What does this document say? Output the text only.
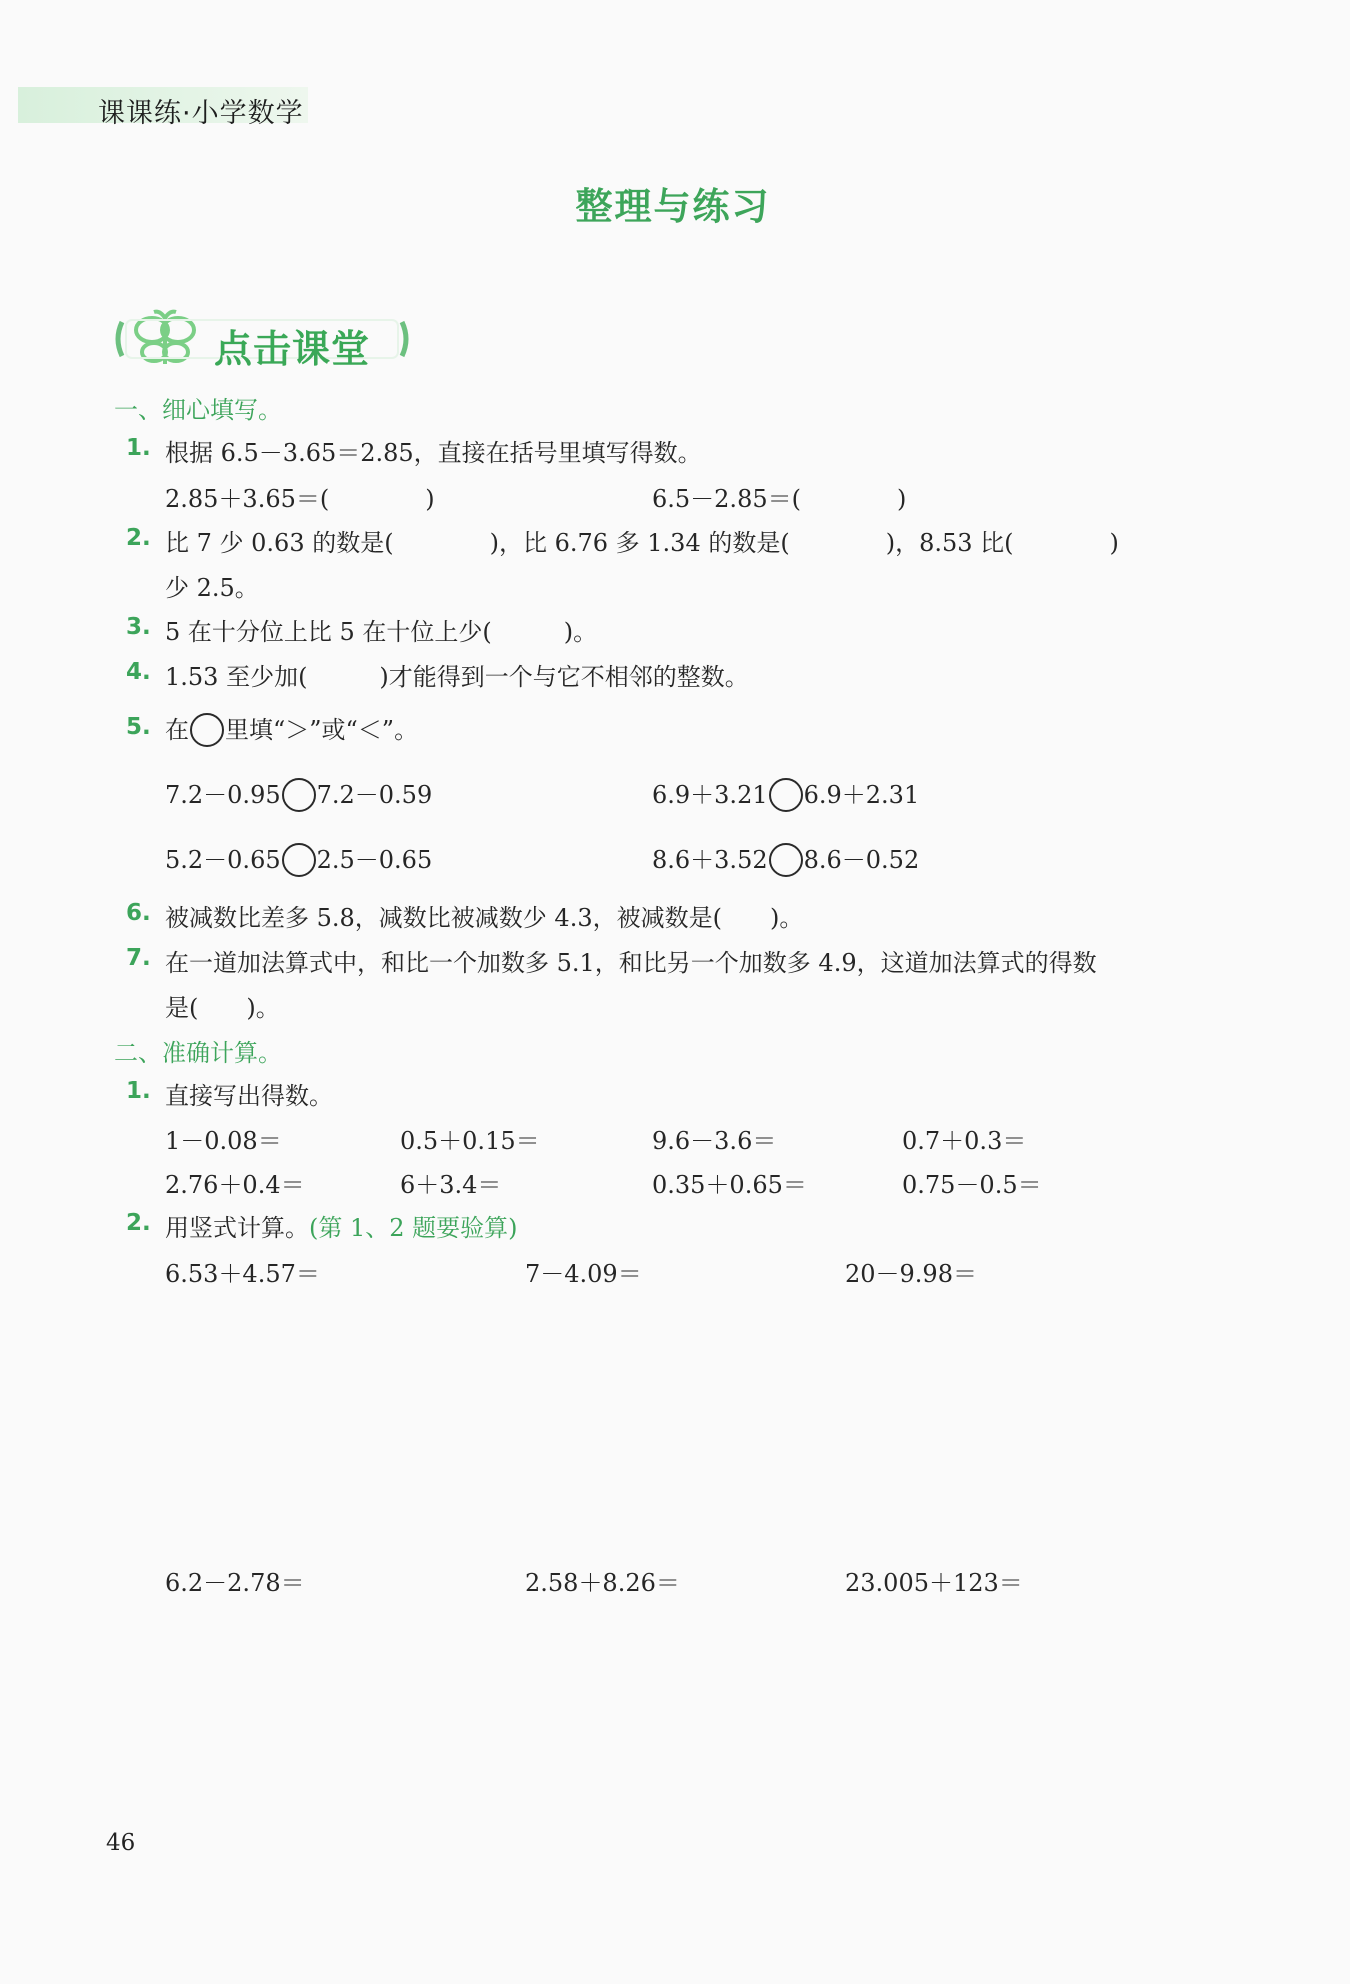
课课练·小学数学
整理与练习
点击课堂
一、细心填写。
1. 根据 6.5－3.65＝2.85，直接在括号里填写得数。
2.85＋3.65＝(　　　　)	6.5－2.85＝(　　　　)
2. 比 7 少 0.63 的数是(　　　　)，比 6.76 多 1.34 的数是(　　　　)，8.53 比(　　　　)
少 2.5。
3. 5 在十分位上比 5 在十位上少(　　　)。
4. 1.53 至少加(　　　)才能得到一个与它不相邻的整数。
5. 在 里填“＞”或“＜”。
7.2－0.95 7.2－0.59	6.9＋3.21 6.9＋2.31
5.2－0.65 2.5－0.65	8.6＋3.52 8.6－0.52
6. 被减数比差多 5.8，减数比被减数少 4.3，被减数是(　　)。
7. 在一道加法算式中，和比一个加数多 5.1，和比另一个加数多 4.9，这道加法算式的得数
是(　　)。
二、准确计算。
1. 直接写出得数。
1－0.08＝	0.5＋0.15＝	9.6－3.6＝	0.7＋0.3＝
2.76＋0.4＝	6＋3.4＝	0.35＋0.65＝	0.75－0.5＝
2. 用竖式计算。(第 1、2 题要验算)
6.53＋4.57＝	7－4.09＝	20－9.98＝
6.2－2.78＝	2.58＋8.26＝	23.005＋123＝
46
